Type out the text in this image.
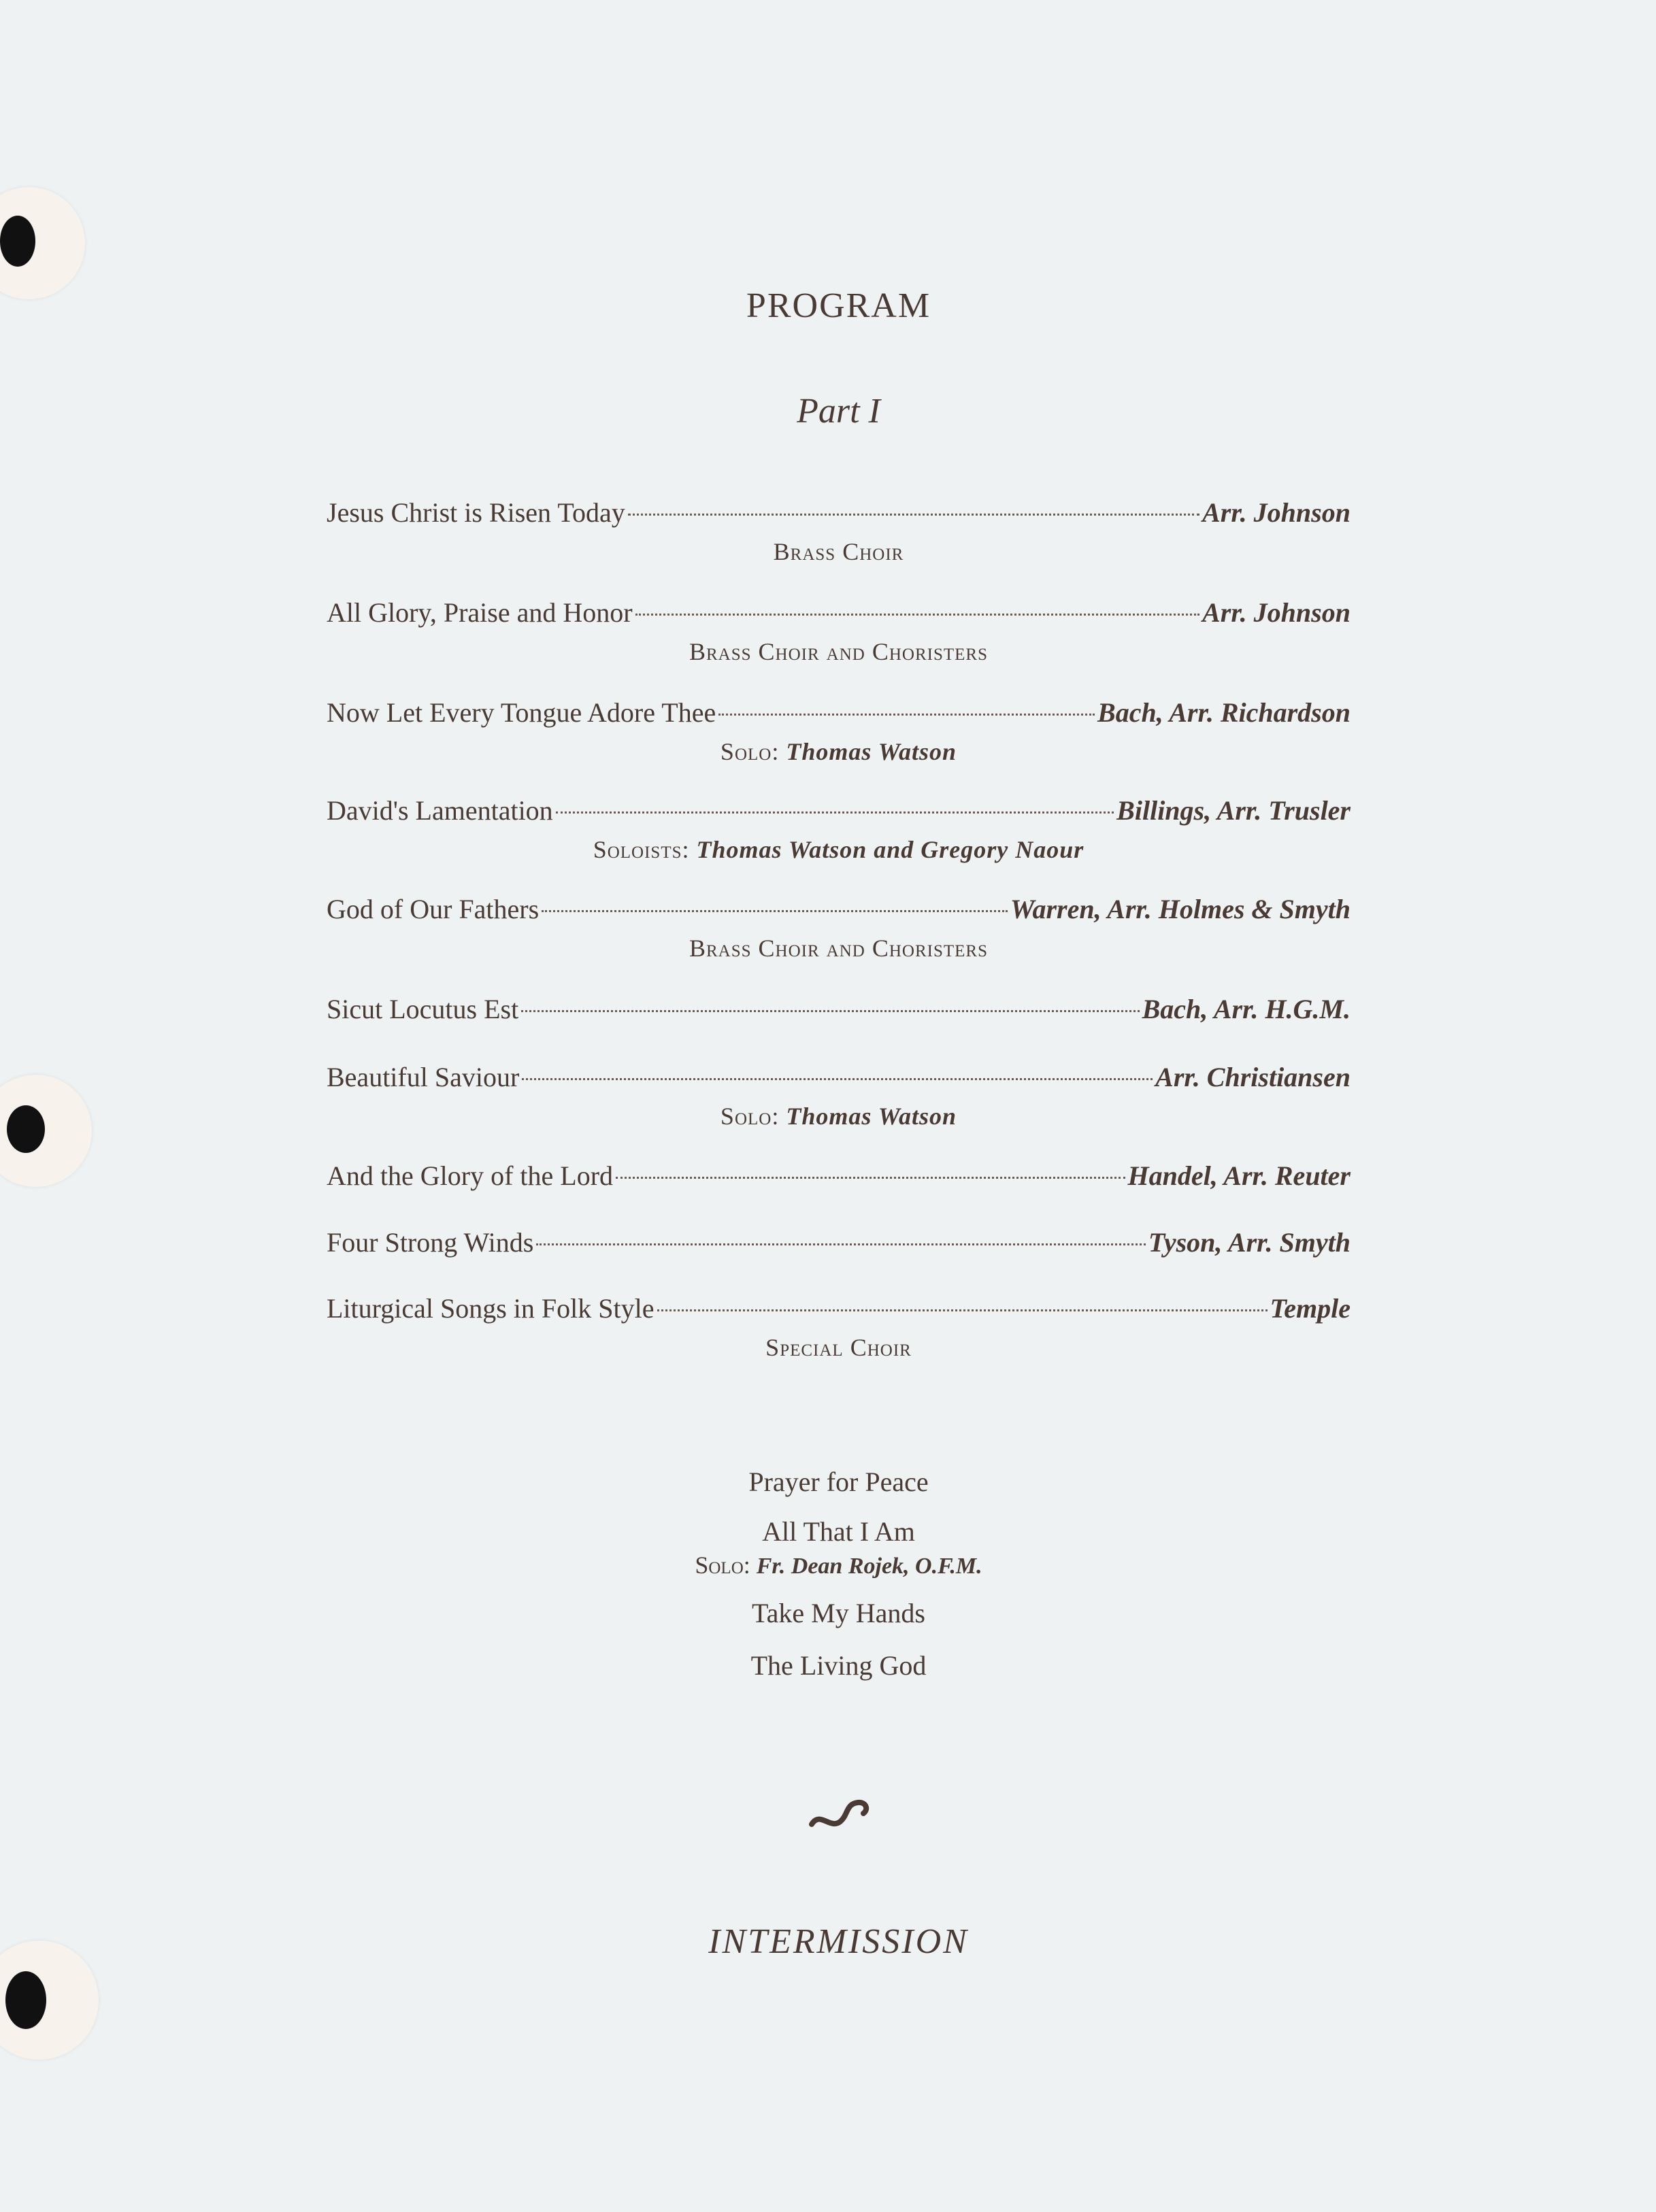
PROGRAM
Part I
Jesus Christ is Risen Today	Arr. Johnson
Brass Choir
All Glory, Praise and Honor	Arr. Johnson
Brass Choir and Choristers
Now Let Every Tongue Adore Thee	Bach, Arr. Richardson
Solo: Thomas Watson
David's Lamentation	Billings, Arr. Trusler
Soloists: Thomas Watson and Gregory Naour
God of Our Fathers	Warren, Arr. Holmes & Smyth
Brass Choir and Choristers
Sicut Locutus Est	Bach, Arr. H.G.M.
Beautiful Saviour	Arr. Christiansen
Solo: Thomas Watson
And the Glory of the Lord	Handel, Arr. Reuter
Four Strong Winds	Tyson, Arr. Smyth
Liturgical Songs in Folk Style	Temple
Special Choir
Prayer for Peace
All That I Am
Solo: Fr. Dean Rojek, O.F.M.
Take My Hands
The Living God
INTERMISSION
